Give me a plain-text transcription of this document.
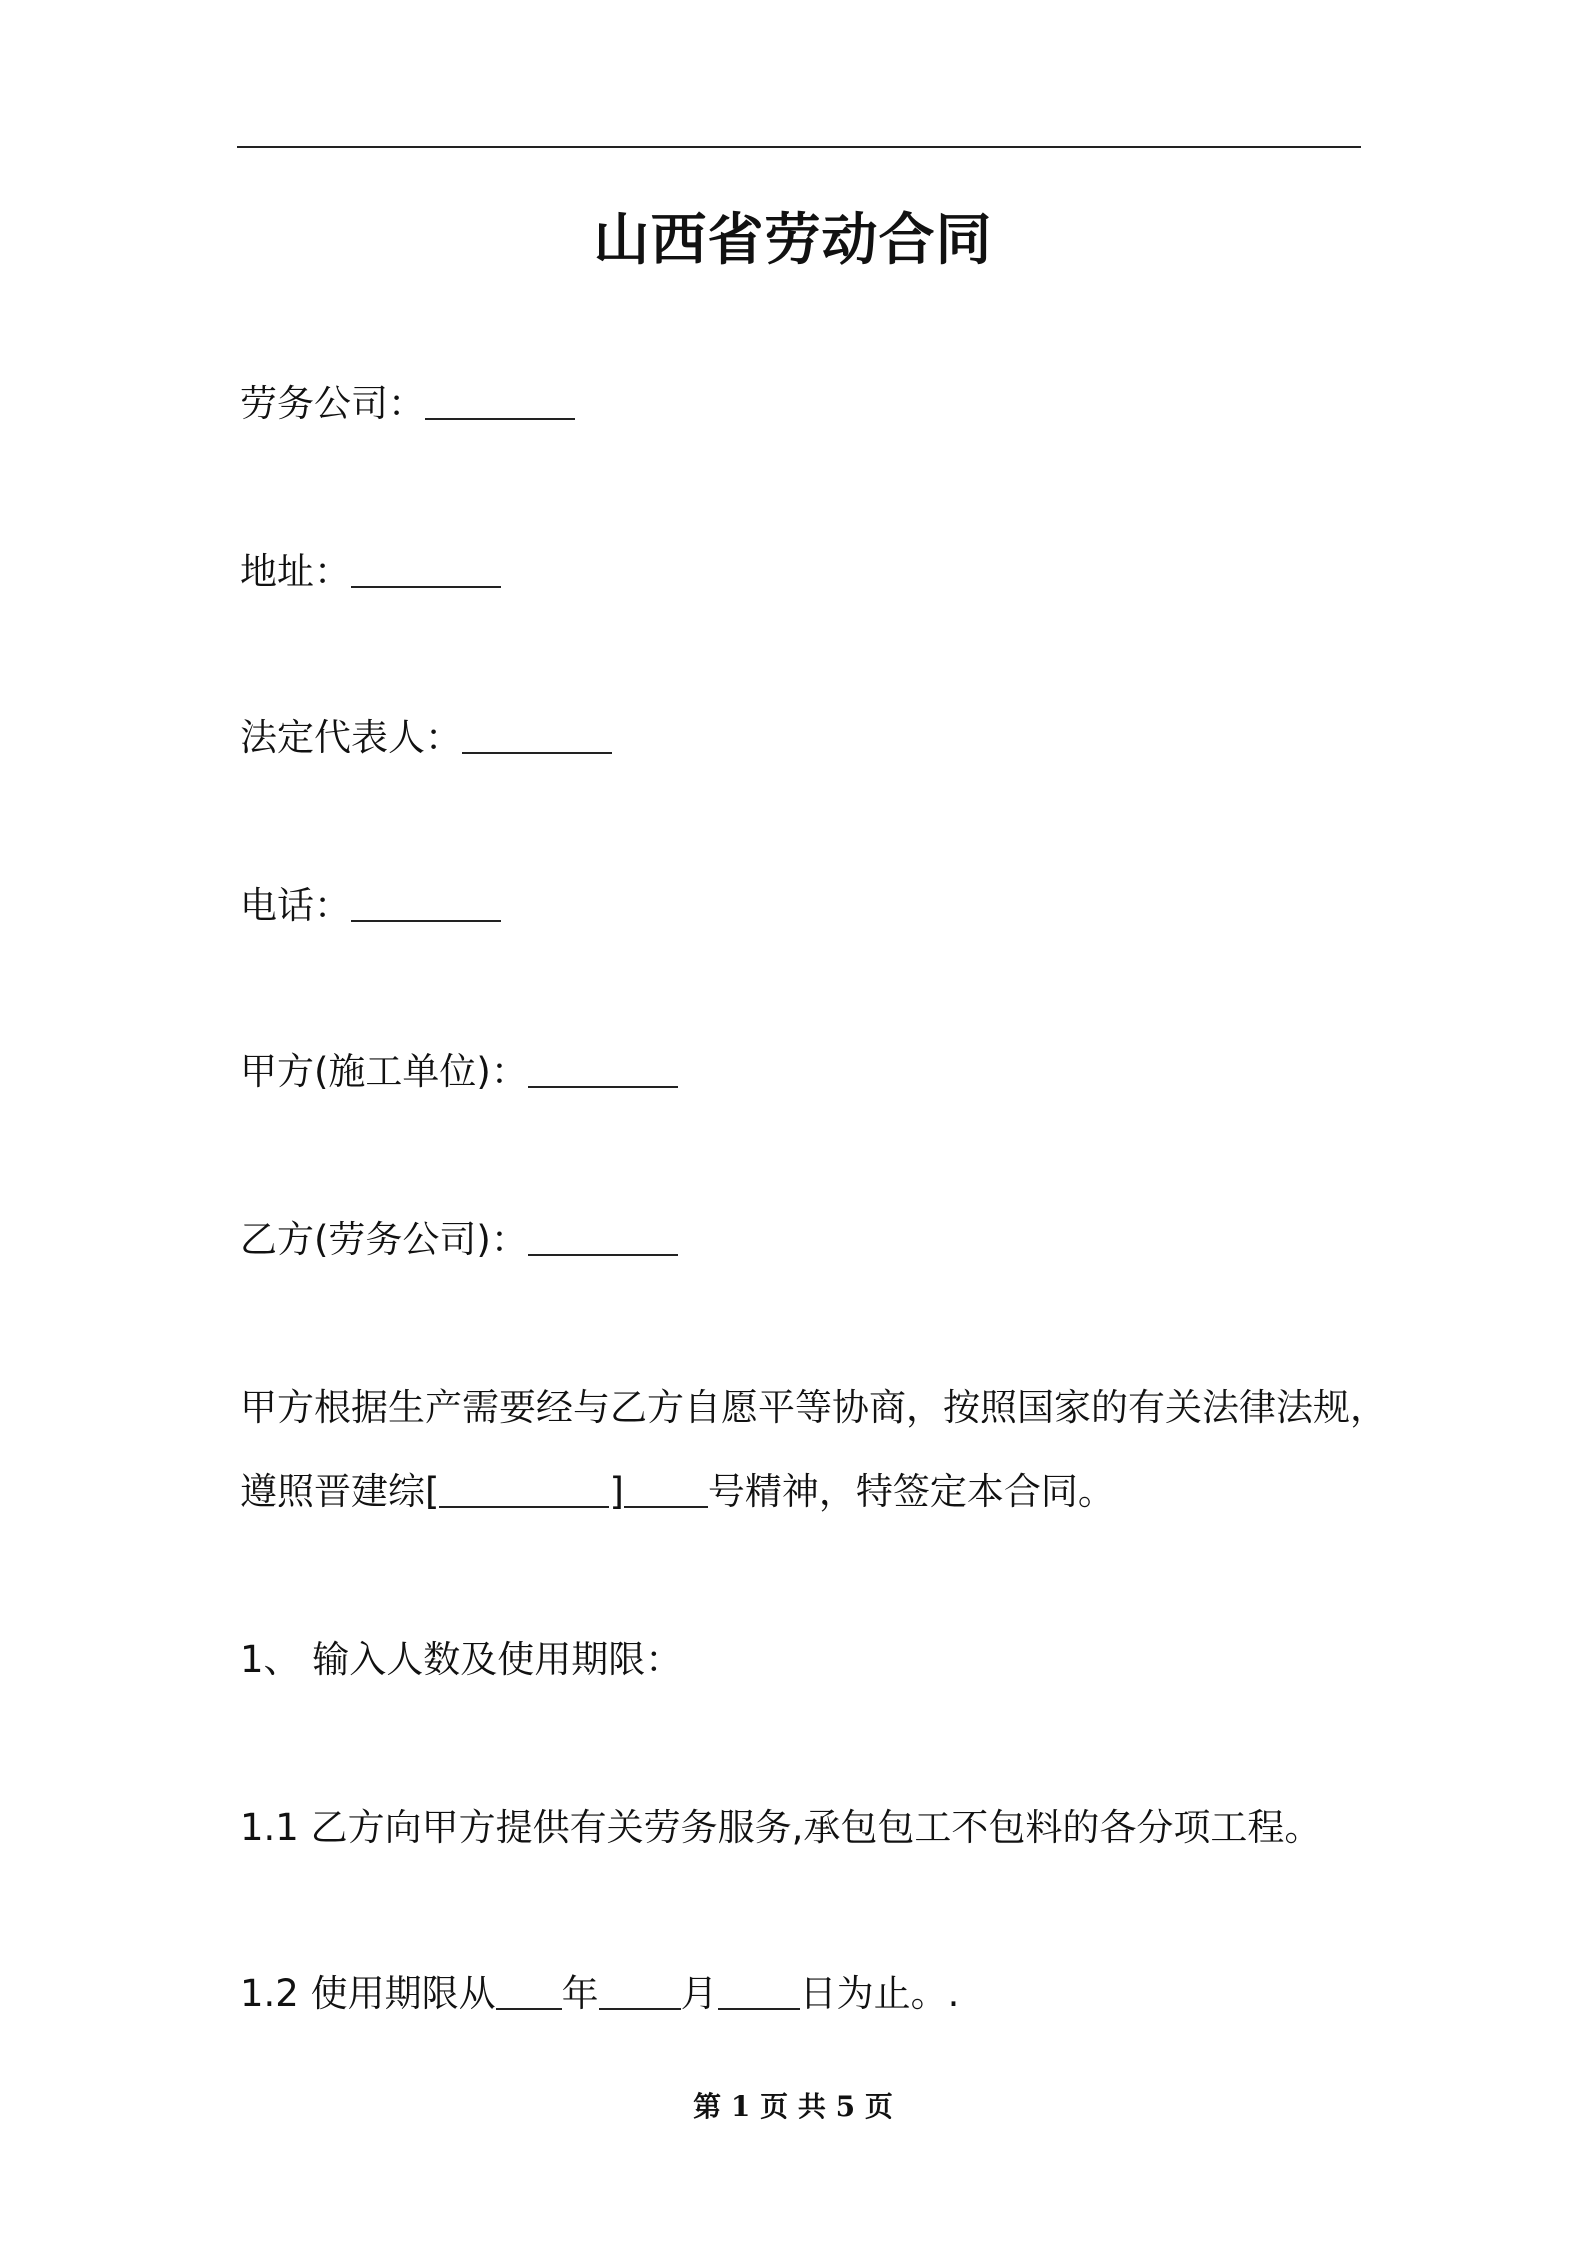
山西省劳动合同
劳务公司：
地址：
法定代表人：
电话：
甲方(施工单位)：
乙方(劳务公司)：
甲方根据生产需要经与乙方自愿平等协商，按照国家的有关法律法规，
遵照晋建综[	] 号精神，特签定本合同。
1、 输入人数及使用期限：
1.1 乙方向甲方提供有关劳务服务,承包包工不包料的各分项工程。
1.2 使用期限从 年 月 日为止。.
第 1 页 共 5 页
